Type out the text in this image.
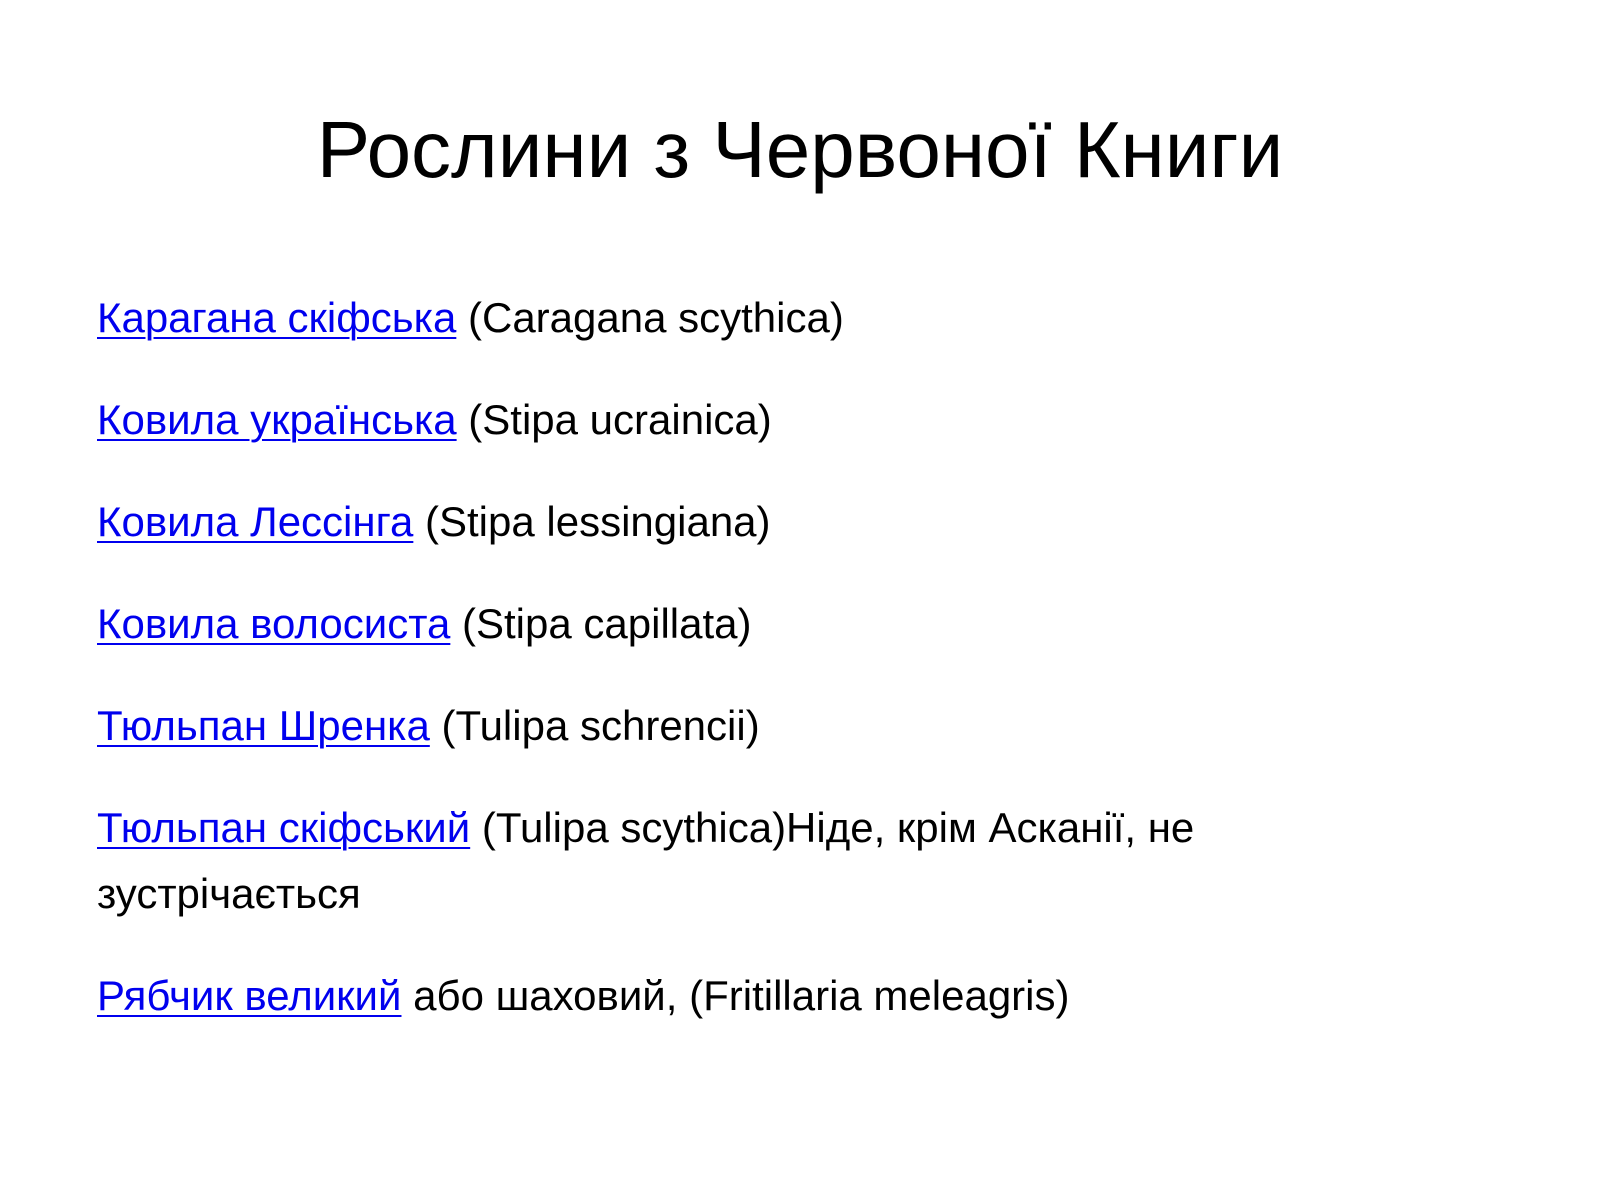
Рослини з Червоної Книги
Карагана скіфська (Caragana scythica)
Ковила українська (Stipa ucrainica)
Ковила Лессінга (Stipa lessingiana)
Ковила волосиста (Stipa capillata)
Тюльпан Шренка (Tulipa schrencii)
Тюльпан скіфський (Tulipa scythica)Ніде, крім Асканії, не зустрічається
Рябчик великий або шаховий, (Fritillaria meleagris)
